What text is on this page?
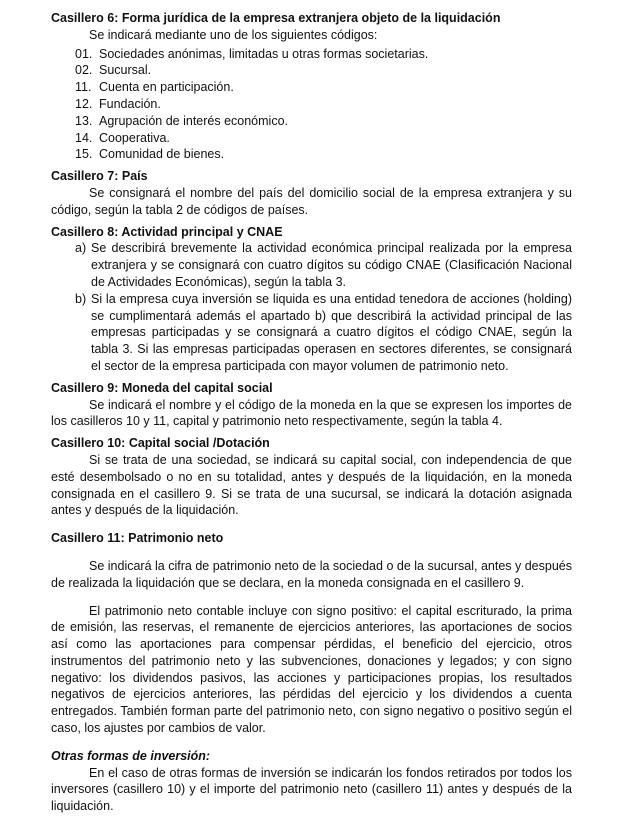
Casillero 6: Forma jurídica de la empresa extranjera objeto de la liquidación

Se indicará mediante uno de los siguientes códigos:

01. Sociedades anónimas, limitadas u otras formas societarias.
02. Sucursal.
11. Cuenta en participación.
12. Fundación.
13. Agrupación de interés económico.
14. Cooperativa.
15. Comunidad de bienes.

Casillero 7: País

Se consignará el nombre del país del domicilio social de la empresa extranjera y su código, según la tabla 2 de códigos de países.

Casillero 8: Actividad principal y CNAE

a) Se describirá brevemente la actividad económica principal realizada por la empresa extranjera y se consignará con cuatro dígitos su código CNAE (Clasificación Nacional de Actividades Económicas), según la tabla 3.
b) Si la empresa cuya inversión se liquida es una entidad tenedora de acciones (holding) se cumplimentará además el apartado b) que describirá la actividad principal de las empresas participadas y se consignará a cuatro dígitos el código CNAE, según la tabla 3. Si las empresas participadas operasen en sectores diferentes, se consignará el sector de la empresa participada con mayor volumen de patrimonio neto.

Casillero 9: Moneda del capital social

Se indicará el nombre y el código de la moneda en la que se expresen los importes de los casilleros 10 y 11, capital y patrimonio neto respectivamente, según la tabla 4.

Casillero 10: Capital social /Dotación

Si se trata de una sociedad, se indicará su capital social, con independencia de que esté desembolsado o no en su totalidad, antes y después de la liquidación, en la moneda consignada en el casillero 9. Si se trata de una sucursal, se indicará la dotación asignada antes y después de la liquidación.

Casillero 11: Patrimonio neto

Se indicará la cifra de patrimonio neto de la sociedad o de la sucursal, antes y después de realizada la liquidación que se declara, en la moneda consignada en el casillero 9.

El patrimonio neto contable incluye con signo positivo: el capital escriturado, la prima de emisión, las reservas, el remanente de ejercicios anteriores, las aportaciones de socios así como las aportaciones para compensar pérdidas, el beneficio del ejercicio, otros instrumentos del patrimonio neto y las subvenciones, donaciones y legados; y con signo negativo: los dividendos pasivos, las acciones y participaciones propias, los resultados negativos de ejercicios anteriores, las pérdidas del ejercicio y los dividendos a cuenta entregados. También forman parte del patrimonio neto, con signo negativo o positivo según el caso, los ajustes por cambios de valor.

Otras formas de inversión:

En el caso de otras formas de inversión se indicarán los fondos retirados por todos los inversores (casillero 10) y el importe del patrimonio neto (casillero 11) antes y después de la liquidación.
